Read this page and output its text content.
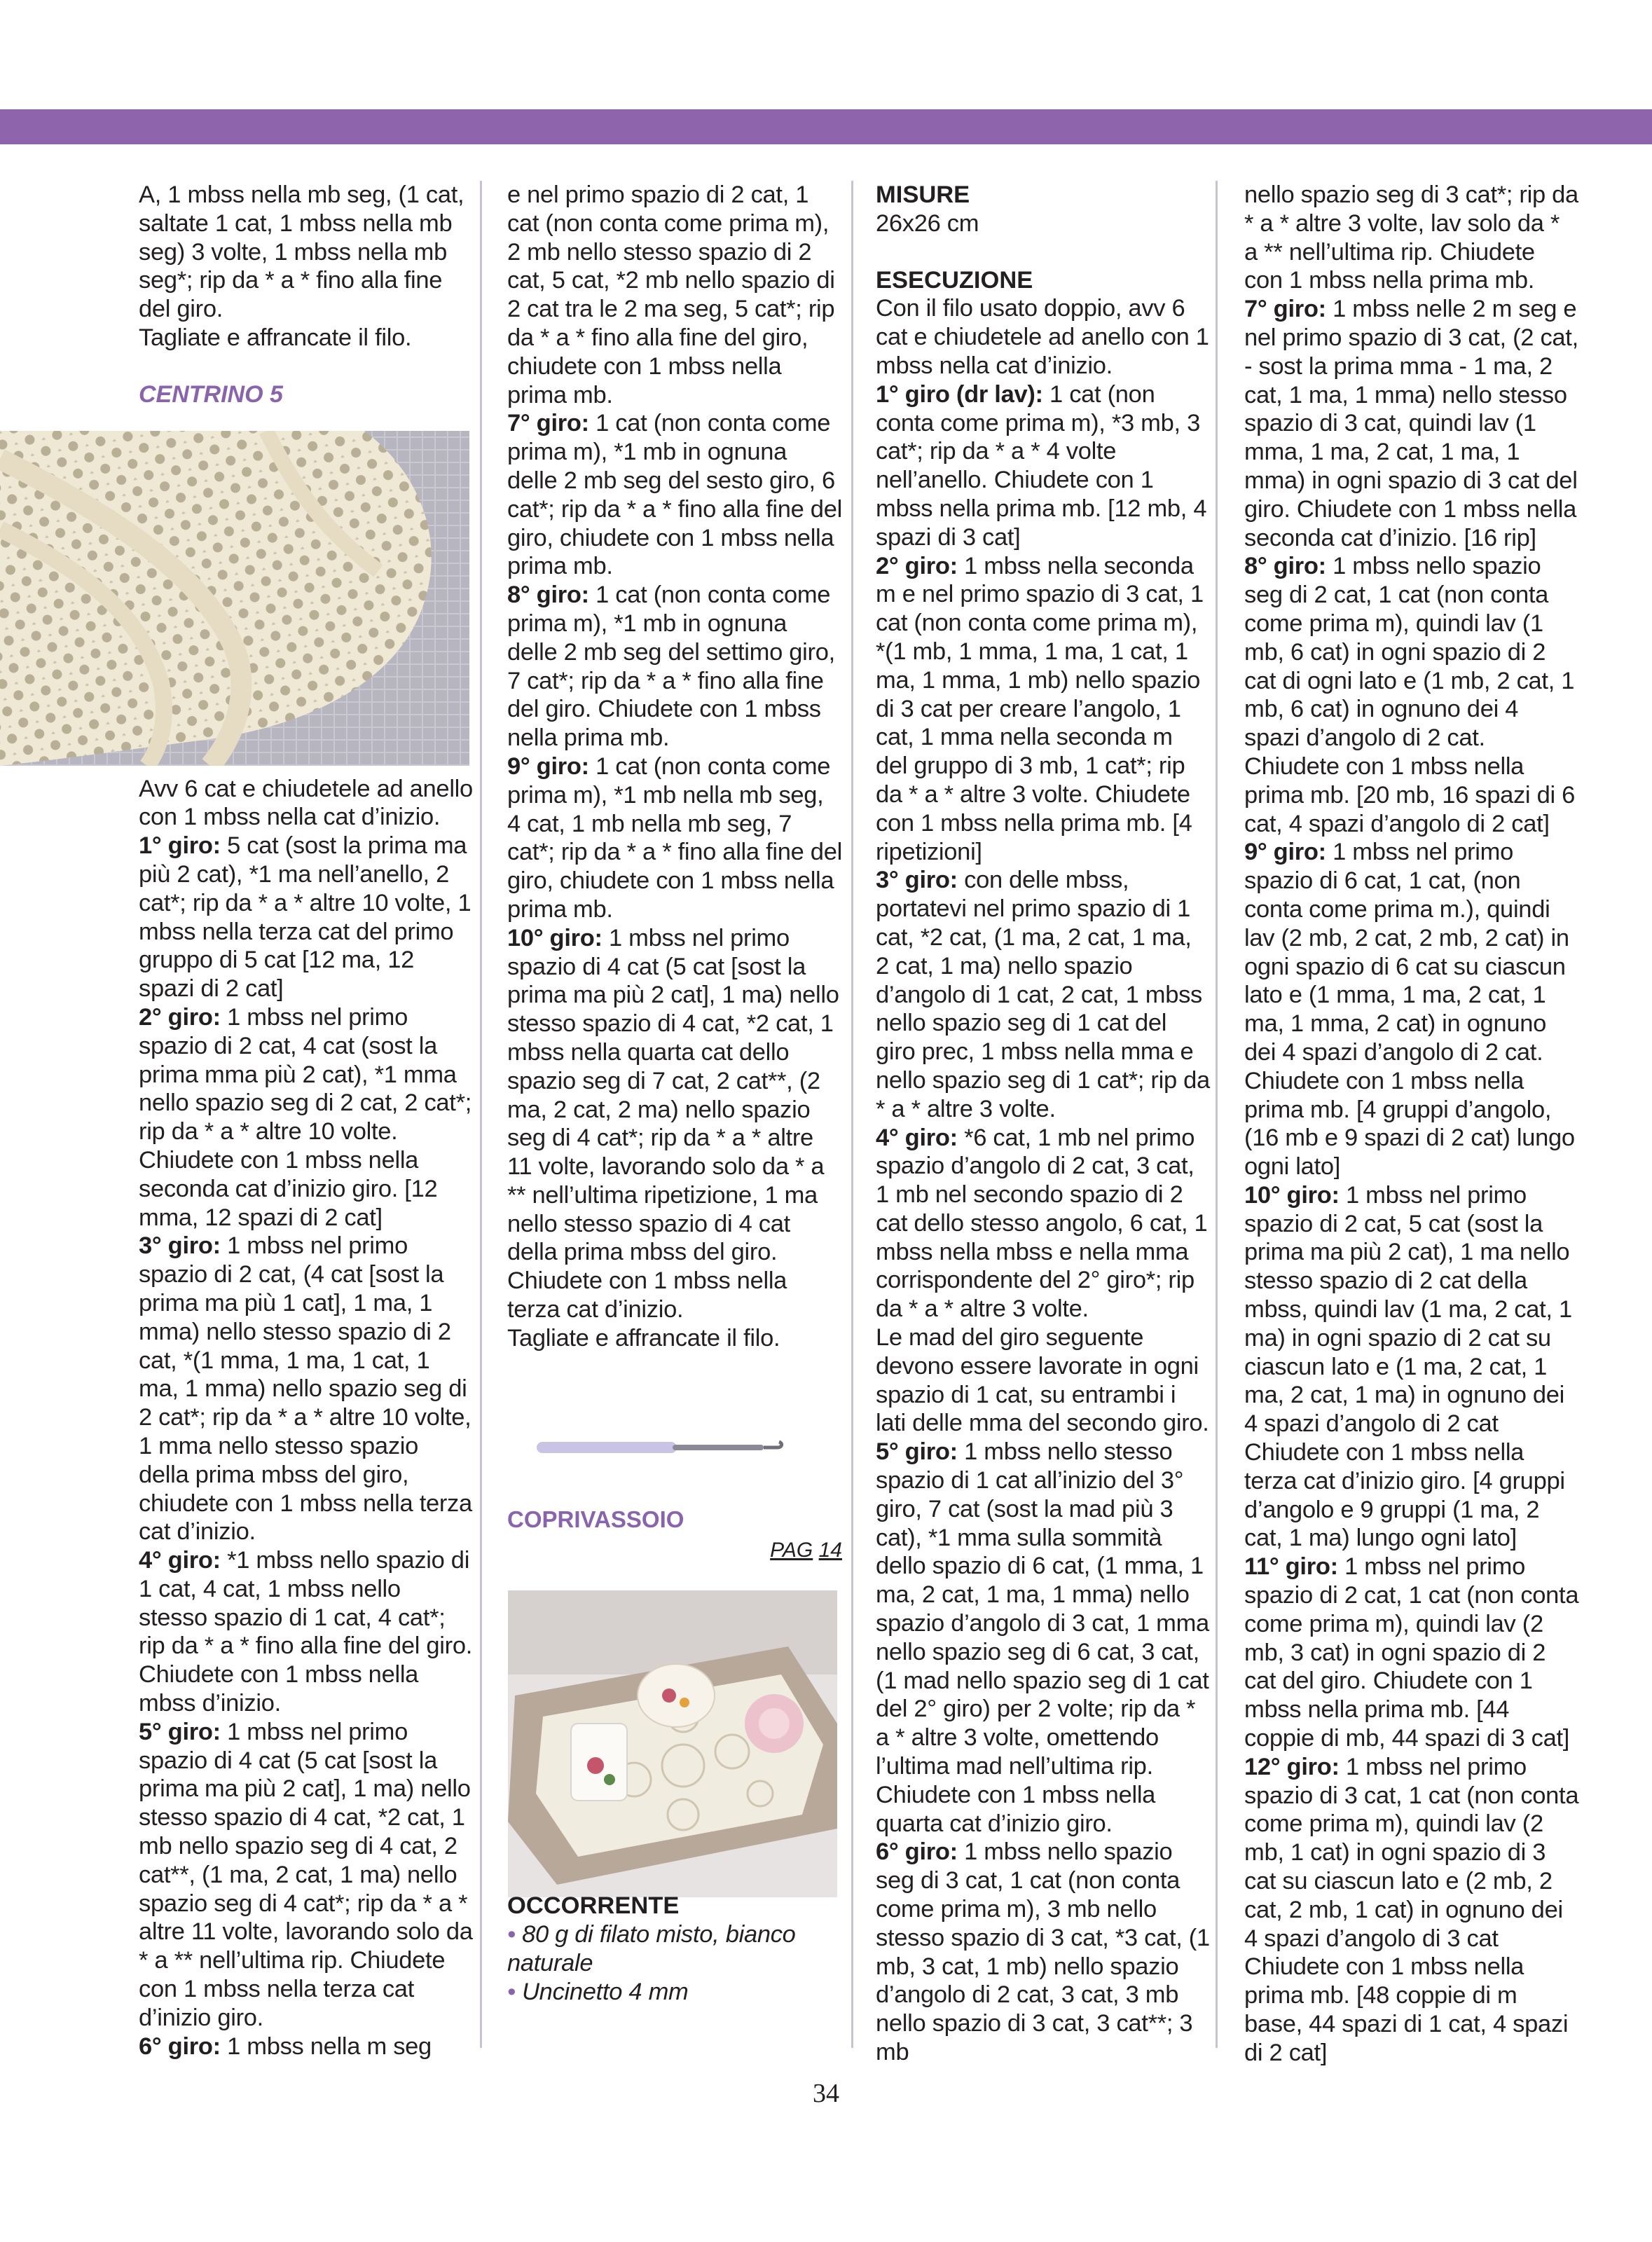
A, 1 mbss nella mb seg, (1 cat, saltate 1 cat, 1 mbss nella mb seg) 3 volte, 1 mbss nella mb seg*; rip da * a * fino alla fine del giro.

Tagliate e affrancate il filo.

CENTRINO 5

Avv 6 cat e chiudetele ad anello con 1 mbss nella cat d’inizio.

1° giro: 5 cat (sost la prima ma più 2 cat), *1 ma nell’anello, 2 cat*; rip da * a * altre 10 volte, 1 mbss nella terza cat del primo gruppo di 5 cat [12 ma, 12 spazi di 2 cat]

2° giro: 1 mbss nel primo spazio di 2 cat, 4 cat (sost la prima mma più 2 cat), *1 mma nello spazio seg di 2 cat, 2 cat*; rip da * a * altre 10 volte. Chiudete con 1 mbss nella seconda cat d’inizio giro. [12 mma, 12 spazi di 2 cat]

3° giro: 1 mbss nel primo spazio di 2 cat, (4 cat [sost la prima ma più 1 cat], 1 ma, 1 mma) nello stesso spazio di 2 cat, *(1 mma, 1 ma, 1 cat, 1 ma, 1 mma) nello spazio seg di 2 cat*; rip da * a * altre 10 volte, 1 mma nello stesso spazio della prima mbss del giro, chiudete con 1 mbss nella terza cat d’inizio.

4° giro: *1 mbss nello spazio di 1 cat, 4 cat, 1 mbss nello stesso spazio di 1 cat, 4 cat*; rip da * a * fino alla fine del giro. Chiudete con 1 mbss nella mbss d’inizio.

5° giro: 1 mbss nel primo spazio di 4 cat (5 cat [sost la prima ma più 2 cat], 1 ma) nello stesso spazio di 4 cat, *2 cat, 1 mb nello spazio seg di 4 cat, 2 cat**, (1 ma, 2 cat, 1 ma) nello spazio seg di 4 cat*; rip da * a * altre 11 volte, lavorando solo da * a ** nell’ultima rip. Chiudete con 1 mbss nella terza cat d’inizio giro.

6° giro: 1 mbss nella m seg

e nel primo spazio di 2 cat, 1 cat (non conta come prima m), 2 mb nello stesso spazio di 2 cat, 5 cat, *2 mb nello spazio di 2 cat tra le 2 ma seg, 5 cat*; rip da * a * fino alla fine del giro, chiudete con 1 mbss nella prima mb.

7° giro: 1 cat (non conta come prima m), *1 mb in ognuna delle 2 mb seg del sesto giro, 6 cat*; rip da * a * fino alla fine del giro, chiudete con 1 mbss nella prima mb.

8° giro: 1 cat (non conta come prima m), *1 mb in ognuna delle 2 mb seg del settimo giro, 7 cat*; rip da * a * fino alla fine del giro. Chiudete con 1 mbss nella prima mb.

9° giro: 1 cat (non conta come prima m), *1 mb nella mb seg, 4 cat, 1 mb nella mb seg, 7 cat*; rip da * a * fino alla fine del giro, chiudete con 1 mbss nella prima mb.

10° giro: 1 mbss nel primo spazio di 4 cat (5 cat [sost la prima ma più 2 cat], 1 ma) nello stesso spazio di 4 cat, *2 cat, 1 mbss nella quarta cat dello spazio seg di 7 cat, 2 cat**, (2 ma, 2 cat, 2 ma) nello spazio seg di 4 cat*; rip da * a * altre 11 volte, lavorando solo da * a ** nell’ultima ripetizione, 1 ma nello stesso spazio di 4 cat della prima mbss del giro. Chiudete con 1 mbss nella terza cat d’inizio.

Tagliate e affrancate il filo.

COPRIVASSOIO

PAG 14

OCCORRENTE

• 80 g di filato misto, bianco naturale

• Uncinetto 4 mm

MISURE

26x26 cm

ESECUZIONE

Con il filo usato doppio, avv 6 cat e chiudetele ad anello con 1 mbss nella cat d’inizio.

1° giro (dr lav): 1 cat (non conta come prima m), *3 mb, 3 cat*; rip da * a * 4 volte nell’anello. Chiudete con 1 mbss nella prima mb. [12 mb, 4 spazi di 3 cat]

2° giro: 1 mbss nella seconda m e nel primo spazio di 3 cat, 1 cat (non conta come prima m), *(1 mb, 1 mma, 1 ma, 1 cat, 1 ma, 1 mma, 1 mb) nello spazio di 3 cat per creare l’angolo, 1 cat, 1 mma nella seconda m del gruppo di 3 mb, 1 cat*; rip da * a * altre 3 volte. Chiudete con 1 mbss nella prima mb. [4 ripetizioni]

3° giro: con delle mbss, portatevi nel primo spazio di 1 cat, *2 cat, (1 ma, 2 cat, 1 ma, 2 cat, 1 ma) nello spazio d’angolo di 1 cat, 2 cat, 1 mbss nello spazio seg di 1 cat del giro prec, 1 mbss nella mma e nello spazio seg di 1 cat*; rip da * a * altre 3 volte.

4° giro: *6 cat, 1 mb nel primo spazio d’angolo di 2 cat, 3 cat, 1 mb nel secondo spazio di 2 cat dello stesso angolo, 6 cat, 1 mbss nella mbss e nella mma corrispondente del 2° giro*; rip da * a * altre 3 volte.

Le mad del giro seguente devono essere lavorate in ogni spazio di 1 cat, su entrambi i lati delle mma del secondo giro.

5° giro: 1 mbss nello stesso spazio di 1 cat all’inizio del 3° giro, 7 cat (sost la mad più 3 cat), *1 mma sulla sommità dello spazio di 6 cat, (1 mma, 1 ma, 2 cat, 1 ma, 1 mma) nello spazio d’angolo di 3 cat, 1 mma nello spazio seg di 6 cat, 3 cat, (1 mad nello spazio seg di 1 cat del 2° giro) per 2 volte; rip da * a * altre 3 volte, omettendo l’ultima mad nell’ultima rip. Chiudete con 1 mbss nella quarta cat d’inizio giro.

6° giro: 1 mbss nello spazio seg di 3 cat, 1 cat (non conta come prima m), 3 mb nello stesso spazio di 3 cat, *3 cat, (1 mb, 3 cat, 1 mb) nello spazio d’angolo di 2 cat, 3 cat, 3 mb nello spazio di 3 cat, 3 cat**; 3 mb

nello spazio seg di 3 cat*; rip da * a * altre 3 volte, lav solo da * a ** nell’ultima rip. Chiudete con 1 mbss nella prima mb.

7° giro: 1 mbss nelle 2 m seg e nel primo spazio di 3 cat, (2 cat, - sost la prima mma - 1 ma, 2 cat, 1 ma, 1 mma) nello stesso spazio di 3 cat, quindi lav (1 mma, 1 ma, 2 cat, 1 ma, 1 mma) in ogni spazio di 3 cat del giro. Chiudete con 1 mbss nella seconda cat d’inizio. [16 rip]

8° giro: 1 mbss nello spazio seg di 2 cat, 1 cat (non conta come prima m), quindi lav (1 mb, 6 cat) in ogni spazio di 2 cat di ogni lato e (1 mb, 2 cat, 1 mb, 6 cat) in ognuno dei 4 spazi d’angolo di 2 cat. Chiudete con 1 mbss nella prima mb. [20 mb, 16 spazi di 6 cat, 4 spazi d’angolo di 2 cat]

9° giro: 1 mbss nel primo spazio di 6 cat, 1 cat, (non conta come prima m.), quindi lav (2 mb, 2 cat, 2 mb, 2 cat) in ogni spazio di 6 cat su ciascun lato e (1 mma, 1 ma, 2 cat, 1 ma, 1 mma, 2 cat) in ognuno dei 4 spazi d’angolo di 2 cat. Chiudete con 1 mbss nella prima mb. [4 gruppi d’angolo, (16 mb e 9 spazi di 2 cat) lungo ogni lato]

10° giro: 1 mbss nel primo spazio di 2 cat, 5 cat (sost la prima ma più 2 cat), 1 ma nello stesso spazio di 2 cat della mbss, quindi lav (1 ma, 2 cat, 1 ma) in ogni spazio di 2 cat su ciascun lato e (1 ma, 2 cat, 1 ma, 2 cat, 1 ma) in ognuno dei 4 spazi d’angolo di 2 cat Chiudete con 1 mbss nella terza cat d’inizio giro. [4 gruppi d’angolo e 9 gruppi (1 ma, 2 cat, 1 ma) lungo ogni lato]

11° giro: 1 mbss nel primo spazio di 2 cat, 1 cat (non conta come prima m), quindi lav (2 mb, 3 cat) in ogni spazio di 2 cat del giro. Chiudete con 1 mbss nella prima mb. [44 coppie di mb, 44 spazi di 3 cat]

12° giro: 1 mbss nel primo spazio di 3 cat, 1 cat (non conta come prima m), quindi lav (2 mb, 1 cat) in ogni spazio di 3 cat su ciascun lato e (2 mb, 2 cat, 2 mb, 1 cat) in ognuno dei 4 spazi d’angolo di 3 cat Chiudete con 1 mbss nella prima mb. [48 coppie di m base, 44 spazi di 1 cat, 4 spazi di 2 cat]

34
